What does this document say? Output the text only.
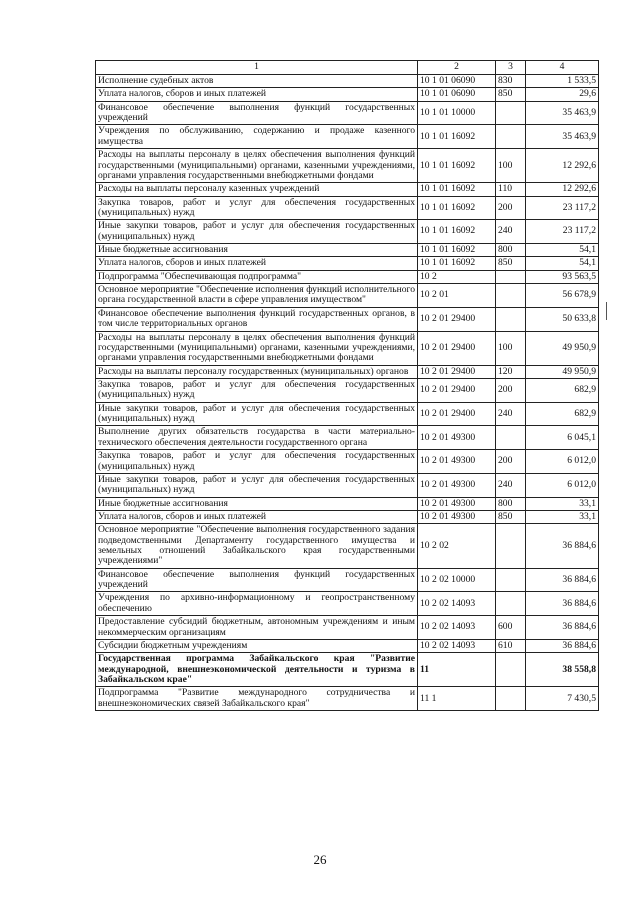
1	2	3	4
Исполнение судебных актов	10 1 01 06090	830	1 533,5
Уплата налогов, сборов и иных платежей	10 1 01 06090	850	29,6
Финансовое обеспечение выполнения функций государственных учреждений	10 1 01 10000		35 463,9
Учреждения по обслуживанию, содержанию и продаже казенного имущества	10 1 01 16092		35 463,9
Расходы на выплаты персоналу в целях обеспечения выполнения функций государственными (муниципальными) органами, казенными учреждениями, органами управления государственными внебюджетными фондами	10 1 01 16092	100	12 292,6
Расходы на выплаты персоналу казенных учреждений	10 1 01 16092	110	12 292,6
Закупка товаров, работ и услуг для обеспечения государственных (муниципальных) нужд	10 1 01 16092	200	23 117,2
Иные закупки товаров, работ и услуг для обеспечения государственных (муниципальных) нужд	10 1 01 16092	240	23 117,2
Иные бюджетные ассигнования	10 1 01 16092	800	54,1
Уплата налогов, сборов и иных платежей	10 1 01 16092	850	54,1
Подпрограмма "Обеспечивающая подпрограмма"	10 2		93 563,5
Основное мероприятие "Обеспечение исполнения функций исполнительного органа государственной власти в сфере управления имуществом"	10 2 01		56 678,9
Финансовое обеспечение выполнения функций государственных органов, в том числе территориальных органов	10 2 01 29400		50 633,8
Расходы на выплаты персоналу в целях обеспечения выполнения функций государственными (муниципальными) органами, казенными учреждениями, органами управления государственными внебюджетными фондами	10 2 01 29400	100	49 950,9
Расходы на выплаты персоналу государственных (муниципальных) органов	10 2 01 29400	120	49 950,9
Закупка товаров, работ и услуг для обеспечения государственных (муниципальных) нужд	10 2 01 29400	200	682,9
Иные закупки товаров, работ и услуг для обеспечения государственных (муниципальных) нужд	10 2 01 29400	240	682,9
Выполнение других обязательств государства в части материально-технического обеспечения деятельности государственного органа	10 2 01 49300		6 045,1
Закупка товаров, работ и услуг для обеспечения государственных (муниципальных) нужд	10 2 01 49300	200	6 012,0
Иные закупки товаров, работ и услуг для обеспечения государственных (муниципальных) нужд	10 2 01 49300	240	6 012,0
Иные бюджетные ассигнования	10 2 01 49300	800	33,1
Уплата налогов, сборов и иных платежей	10 2 01 49300	850	33,1
Основное мероприятие "Обеспечение выполнения государственного задания подведомственными Департаменту государственного имущества и земельных отношений Забайкальского края государственными учреждениями"	10 2 02		36 884,6
Финансовое обеспечение выполнения функций государственных учреждений	10 2 02 10000		36 884,6
Учреждения по архивно-информационному и геопространственному обеспечению	10 2 02 14093		36 884,6
Предоставление субсидий бюджетным, автономным учреждениям и иным некоммерческим организациям	10 2 02 14093	600	36 884,6
Субсидии бюджетным учреждениям	10 2 02 14093	610	36 884,6
Государственная программа Забайкальского края "Развитие международной, внешнеэкономической деятельности и туризма в Забайкальском крае"	11		38 558,8
Подпрограмма "Развитие международного сотрудничества и внешнеэкономических связей Забайкальского края"	11 1		7 430,5
26
